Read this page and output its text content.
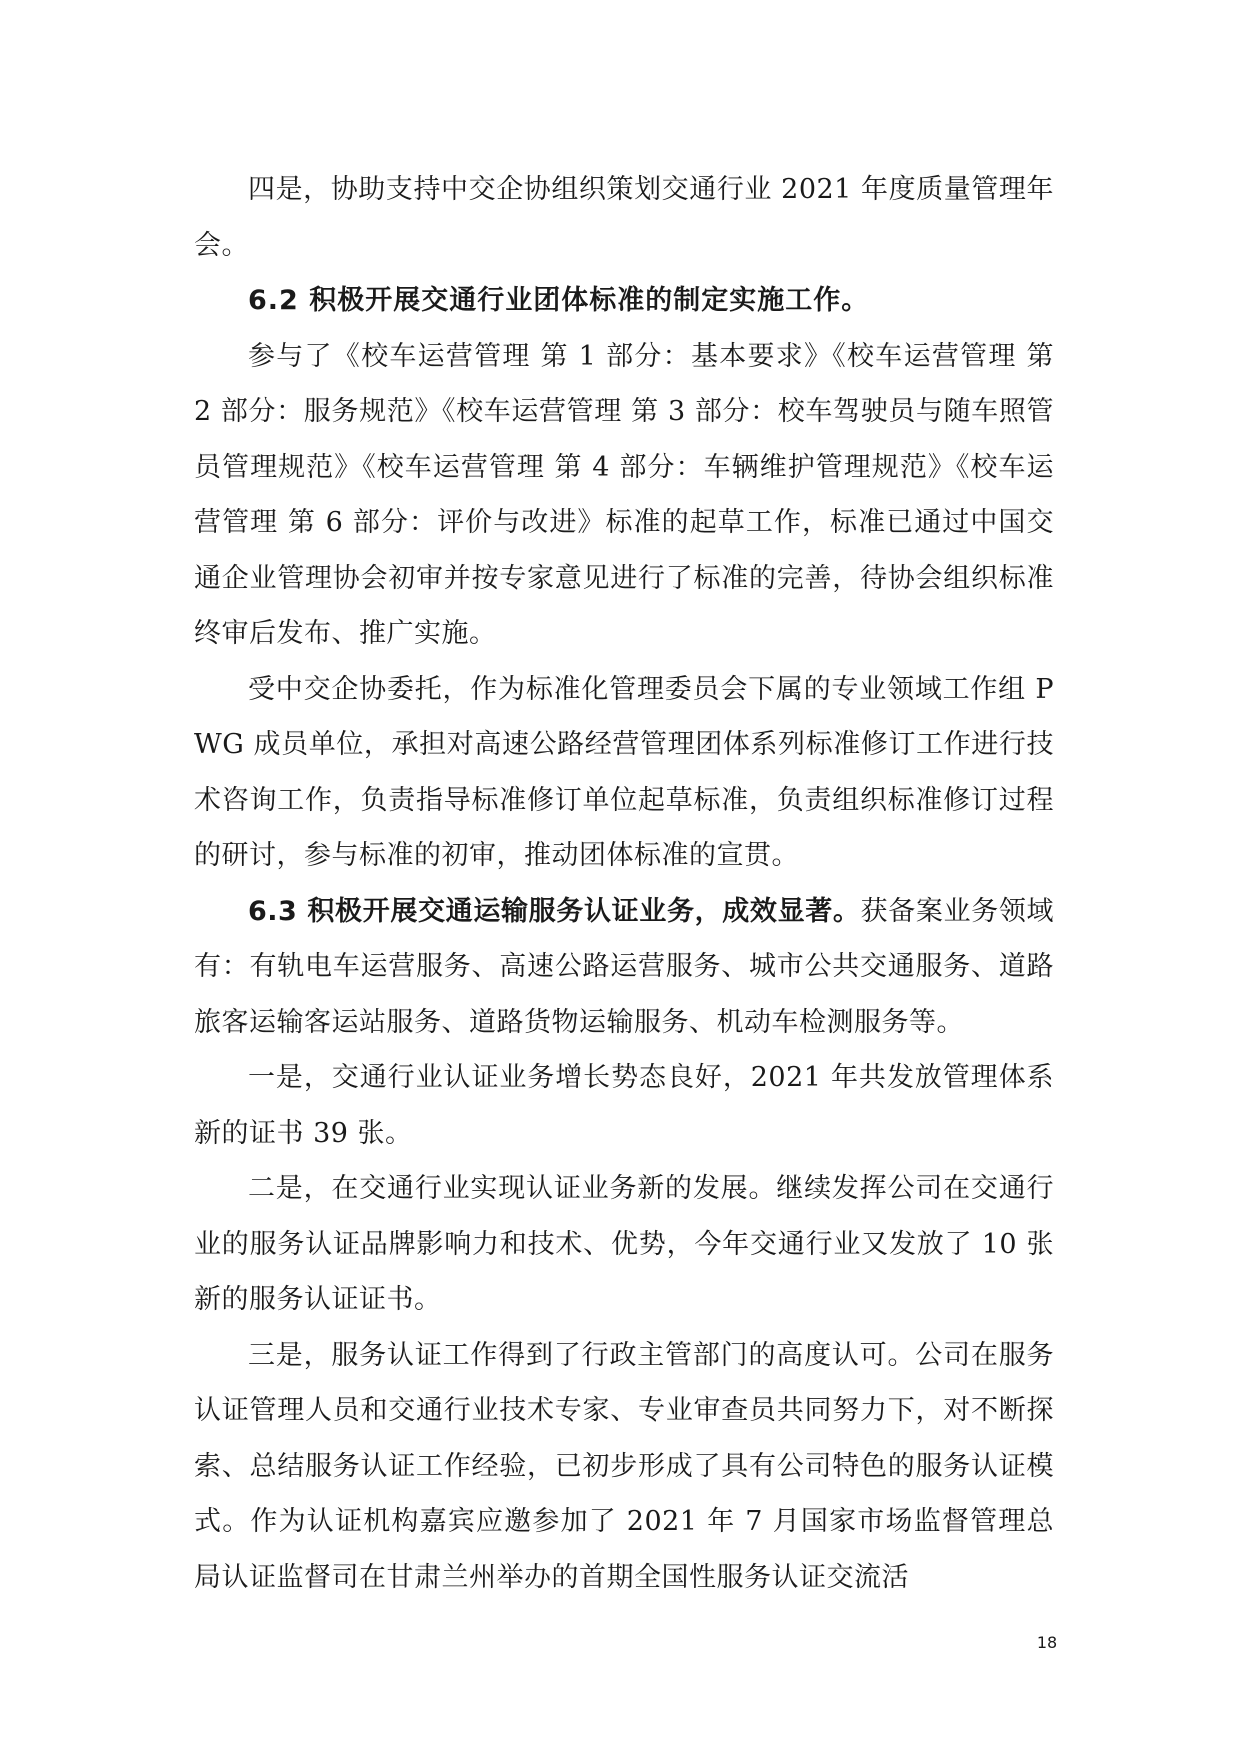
四是，协助支持中交企协组织策划交通行业 2021 年度质量管理年会。

6.2 积极开展交通行业团体标准的制定实施工作。

参与了《校车运营管理 第 1 部分：基本要求》《校车运营管理 第 2 部分：服务规范》《校车运营管理 第 3 部分：校车驾驶员与随车照管员管理规范》《校车运营管理 第 4 部分：车辆维护管理规范》《校车运营管理 第 6 部分：评价与改进》标准的起草工作，标准已通过中国交通企业管理协会初审并按专家意见进行了标准的完善，待协会组织标准终审后发布、推广实施。

受中交企协委托，作为标准化管理委员会下属的专业领域工作组 PWG 成员单位，承担对高速公路经营管理团体系列标准修订工作进行技术咨询工作，负责指导标准修订单位起草标准，负责组织标准修订过程的研讨，参与标准的初审，推动团体标准的宣贯。

6.3 积极开展交通运输服务认证业务，成效显著。获备案业务领域有：有轨电车运营服务、高速公路运营服务、城市公共交通服务、道路旅客运输客运站服务、道路货物运输服务、机动车检测服务等。

一是，交通行业认证业务增长势态良好，2021 年共发放管理体系新的证书 39 张。

二是，在交通行业实现认证业务新的发展。继续发挥公司在交通行业的服务认证品牌影响力和技术、优势，今年交通行业又发放了 10 张新的服务认证证书。

三是，服务认证工作得到了行政主管部门的高度认可。公司在服务认证管理人员和交通行业技术专家、专业审查员共同努力下，对不断探索、总结服务认证工作经验，已初步形成了具有公司特色的服务认证模式。作为认证机构嘉宾应邀参加了 2021 年 7 月国家市场监督管理总局认证监督司在甘肃兰州举办的首期全国性服务认证交流活

18
